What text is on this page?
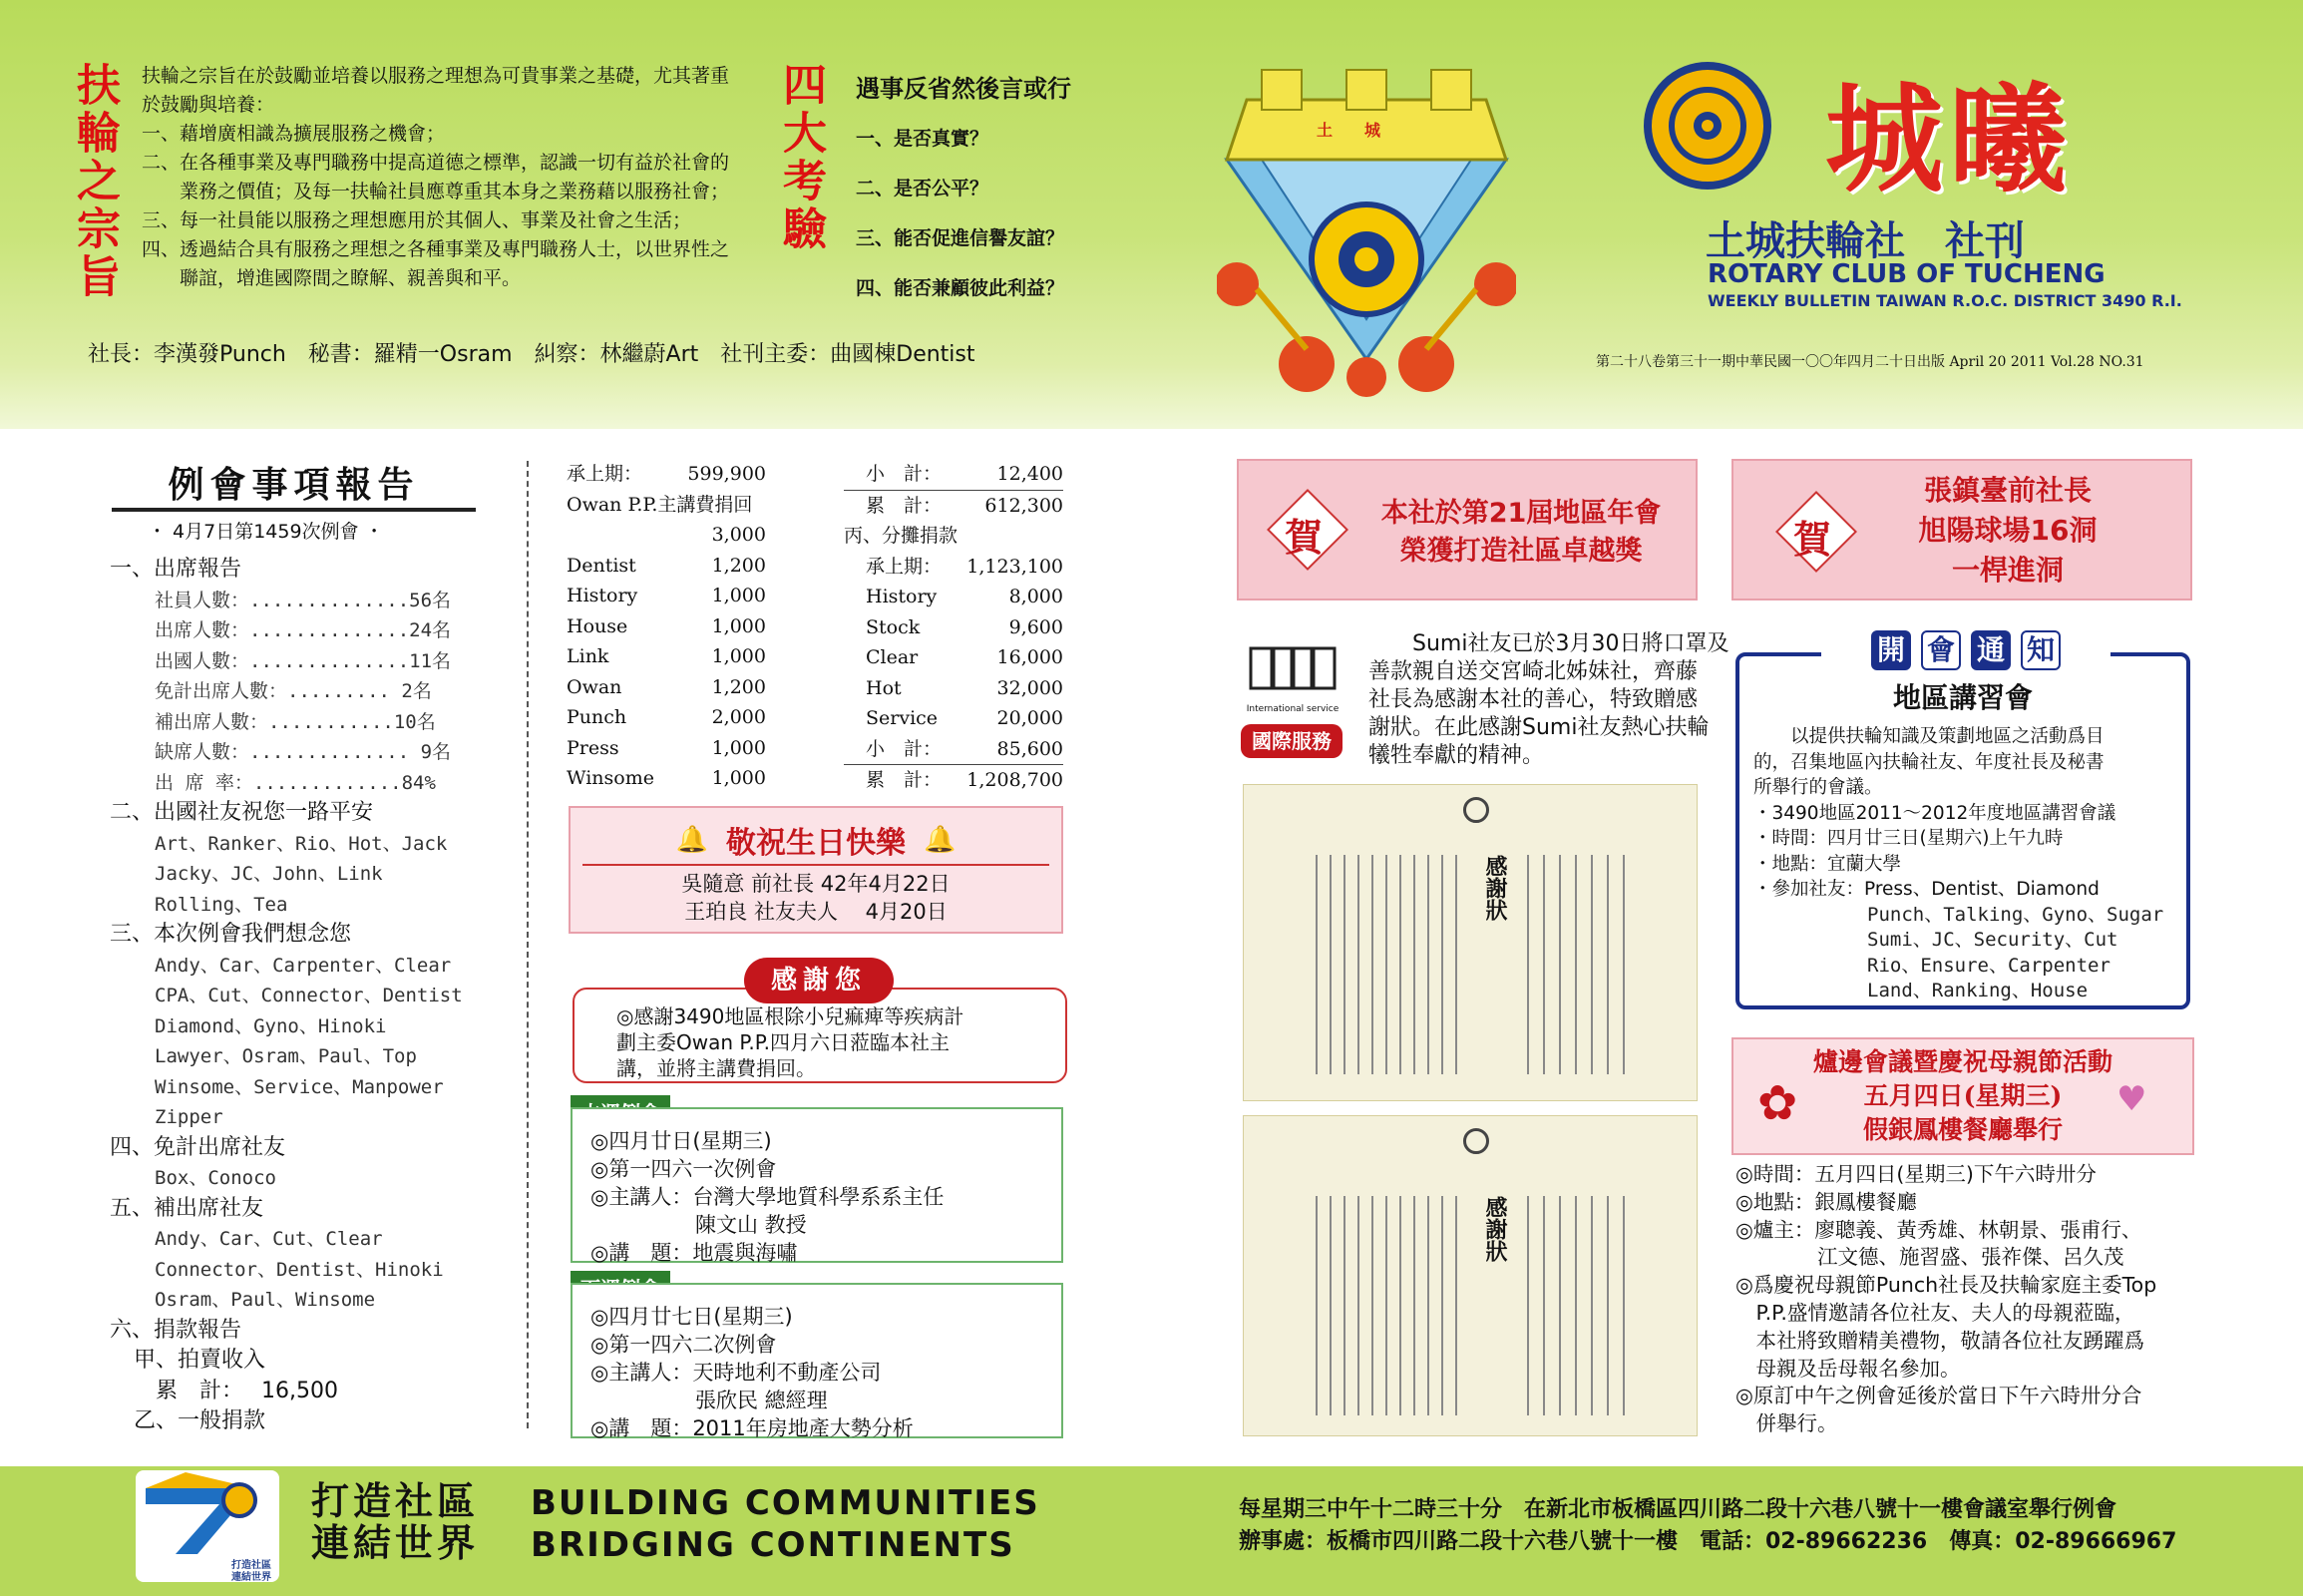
扶輪之宗旨	扶輪之宗旨在於鼓勵並培養以服務之理想為可貴事業之基礎，尤其著重
於鼓勵與培養：
一、藉增廣相識為擴展服務之機會；
二、在各種事業及專門職務中提高道德之標準，認識一切有益於社會的
　　業務之價值；及每一扶輪社員應尊重其本身之業務藉以服務社會；
三、每一社員能以服務之理想應用於其個人、事業及社會之生活；
四、透過結合具有服務之理想之各種事業及專門職務人士，以世界性之
　　聯誼，增進國際間之瞭解、親善與和平。
四大考驗 遇事反省然後言或行
一、是否真實？
二、是否公平？
三、能否促進信譽友誼？
四、能否兼顧彼此利益？
土　　城	城曦
土城扶輪社　社刊
ROTARY CLUB OF TUCHENG
WEEKLY BULLETIN TAIWAN R.O.C. DISTRICT 3490 R.I.
社長：李漢發Punch　秘書：羅精一Osram　糾察：林繼蔚Art　社刊主委：曲國棟Dentist	第二十八卷第三十一期中華民國一〇〇年四月二十日出版 April 20 2011 Vol.28 NO.31
例會事項報告
・ 4月7日第1459次例會 ・
一、出席報告
社員人數：..............56名
出席人數：..............24名
出國人數：..............11名
免計出席人數：......... 2名
補出席人數：...........10名
缺席人數：.............. 9名
出 席 率：.............84%
二、出國社友祝您一路平安
Art、Ranker、Rio、Hot、Jack
Jacky、JC、John、Link
Rolling、Tea
三、本次例會我們想念您
Andy、Car、Carpenter、Clear
CPA、Cut、Connector、Dentist
Diamond、Gyno、Hinoki
Lawyer、Osram、Paul、Top
Winsome、Service、Manpower
Zipper
四、免計出席社友
Box、Conoco
五、補出席社友
Andy、Car、Cut、Clear
Connector、Dentist、Hinoki
Osram、Paul、Winsome
六、捐款報告
甲、拍賣收入
　累　計：　 16,500
乙、一般捐款
承上期： 599,900
Owan P.P.主講費捐回
3,000
Dentist	1,200
History	1,000
House	1,000
Link	1,000
Owan	1,200
Punch	2,000
Press	1,000
Winsome	1,000
小　計：	12,400
累　計： 612,300
丙、分攤捐款
承上期： 1,123,100
History	8,000
Stock	9,600
Clear	16,000
Hot	32,000
Service	20,000
小　計：	85,600
累　計： 1,208,700
🔔 敬祝生日快樂 🔔
吳隨意 前社長 42年4月22日
王珀良 社友夫人 　4月20日
◎感謝3490地區根除小兒痲痺等疾病計
劃主委Owan P.P.四月六日蒞臨本社主
講，並將主講費捐回。
感謝您
◎四月廿日(星期三)
◎第一四六一次例會
◎主講人：台灣大學地質科學系系主任
　　　　　陳文山 教授
◎講　題：地震與海嘯
◎四月廿七日(星期三)
◎第一四六二次例會
◎主講人：天時地利不動產公司
　　　　　張欣民 總經理
◎講　題：2011年房地產大勢分析
賀
本社於第21屆地區年會
榮獲打造社區卓越獎	賀
張鎮臺前社長
旭陽球場16洞
一桿進洞
International service
國際服務
Sumi社友已於3月30日將口罩及
善款親自送交宮崎北姊妹社，齊藤
社長為感謝本社的善心，特致贈感
謝狀。在此感謝Sumi社友熱心扶輪
犧牲奉獻的精神。
感謝狀
感謝狀
地區講習會
　　以提供扶輪知識及策劃地區之活動爲目
的，召集地區內扶輪社友、年度社長及秘書
所舉行的會議。
・3490地區2011～2012年度地區講習會議
・時間：四月廿三日(星期六)上午九時
・地點：宜蘭大學
・參加社友：Press、Dentist、Diamond
　　　　　　Punch、Talking、Gyno、Sugar
　　　　　　Sumi、JC、Security、Cut
　　　　　　Rio、Ensure、Carpenter
　　　　　　Land、Ranking、House
開 會 通 知
✿	♥
爐邊會議暨慶祝母親節活動
五月四日(星期三)
假銀鳳樓餐廳舉行
◎時間：五月四日(星期三)下午六時卅分
◎地點：銀鳳樓餐廳
◎爐主：廖聰義、黃秀雄、林朝景、張甫行、
　　　　江文德、施習盛、張祚傑、呂久茂
◎爲慶祝母親節Punch社長及扶輪家庭主委Top
　P.P.盛情邀請各位社友、夫人的母親蒞臨，
　本社將致贈精美禮物，敬請各位社友踴躍爲
　母親及岳母報名參加。
◎原訂中午之例會延後於當日下午六時卅分合
　併舉行。
打造社區
連結世界
打造社區
連結世界
BUILDING COMMUNITIES
BRIDGING CONTINENTS
每星期三中午十二時三十分　在新北市板橋區四川路二段十六巷八號十一樓會議室舉行例會
辦事處：板橋市四川路二段十六巷八號十一樓　電話：02-89662236　傳真：02-89666967
